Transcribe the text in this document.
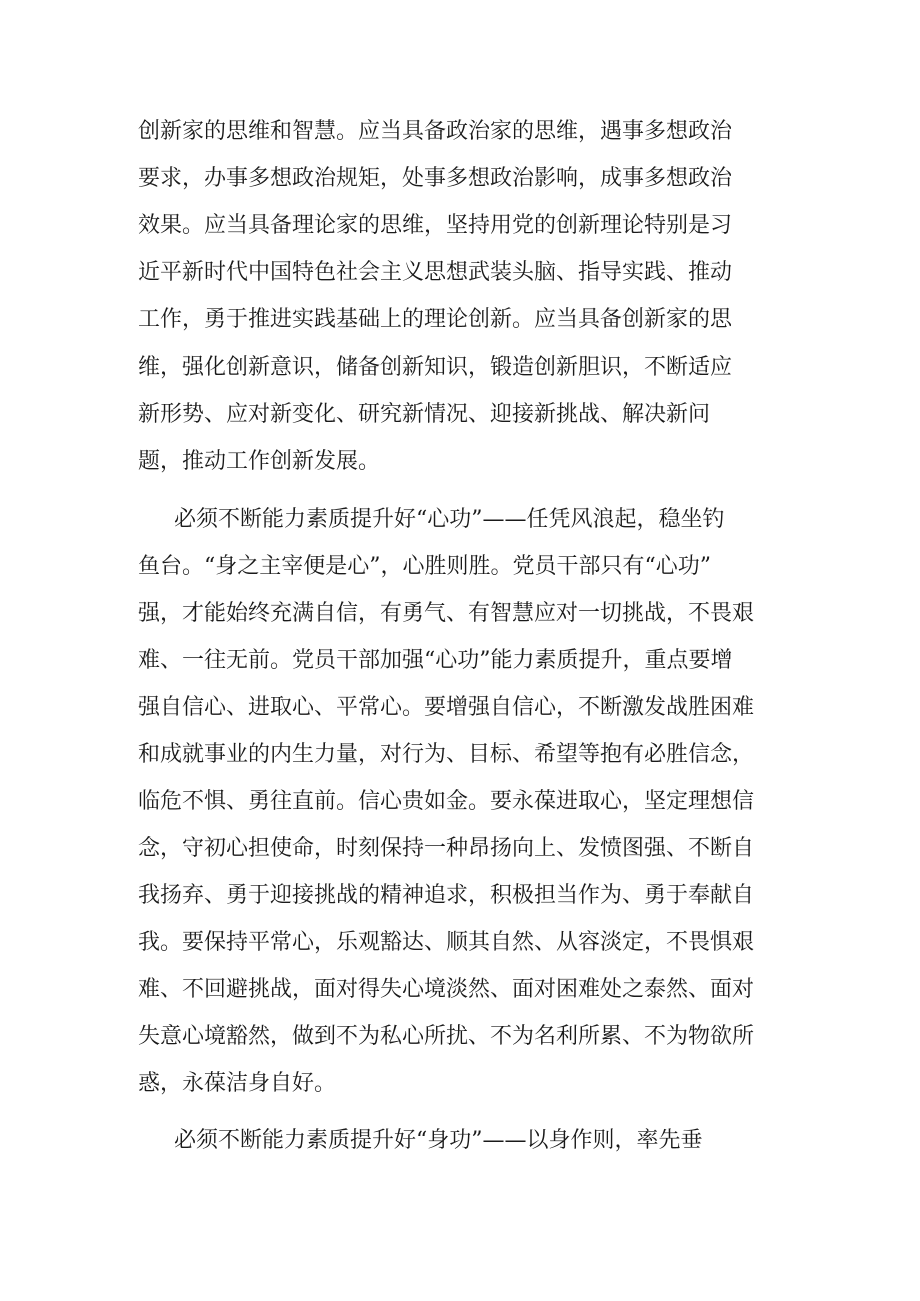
创新家的思维和智慧。应当具备政治家的思维，遇事多想政治

要求，办事多想政治规矩，处事多想政治影响，成事多想政治

效果。应当具备理论家的思维，坚持用党的创新理论特别是习

近平新时代中国特色社会主义思想武装头脑、指导实践、推动

工作，勇于推进实践基础上的理论创新。应当具备创新家的思

维，强化创新意识，储备创新知识，锻造创新胆识，不断适应

新形势、应对新变化、研究新情况、迎接新挑战、解决新问

题，推动工作创新发展。

必须不断能力素质提升好“心功”——任凭风浪起，稳坐钓

鱼台。“身之主宰便是心”，心胜则胜。党员干部只有“心功”

强，才能始终充满自信，有勇气、有智慧应对一切挑战，不畏艰

难、一往无前。党员干部加强“心功”能力素质提升，重点要增

强自信心、进取心、平常心。要增强自信心，不断激发战胜困难

和成就事业的内生力量，对行为、目标、希望等抱有必胜信念，

临危不惧、勇往直前。信心贵如金。要永葆进取心，坚定理想信

念，守初心担使命，时刻保持一种昂扬向上、发愤图强、不断自

我扬弃、勇于迎接挑战的精神追求，积极担当作为、勇于奉献自

我。要保持平常心，乐观豁达、顺其自然、从容淡定，不畏惧艰

难、不回避挑战，面对得失心境淡然、面对困难处之泰然、面对

失意心境豁然，做到不为私心所扰、不为名利所累、不为物欲所

惑，永葆洁身自好。

必须不断能力素质提升好“身功”——以身作则，率先垂
